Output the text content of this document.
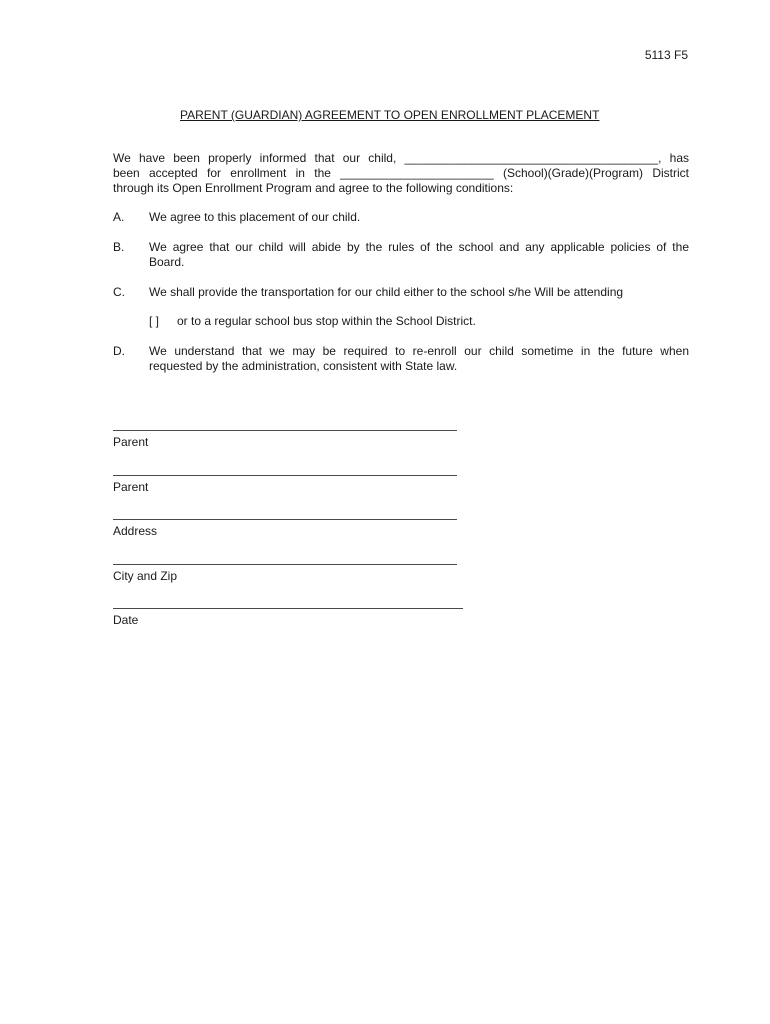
5113 F5
PARENT (GUARDIAN) AGREEMENT TO OPEN ENROLLMENT PLACEMENT
We have been properly informed that our child, ______________________________________, has
been accepted for enrollment in the _______________________ (School)(Grade)(Program) District
through its Open Enrollment Program and agree to the following conditions:
A. We agree to this placement of our child.
B. We agree that our child will abide by the rules of the school and any applicable policies of the
Board.
C. We shall provide the transportation for our child either to the school s/he Will be attending
[ ] or to a regular school bus stop within the School District.
D. We understand that we may be required to re-enroll our child sometime in the future when
requested by the administration, consistent with State law.
Parent
Parent
Address
City and Zip
Date
